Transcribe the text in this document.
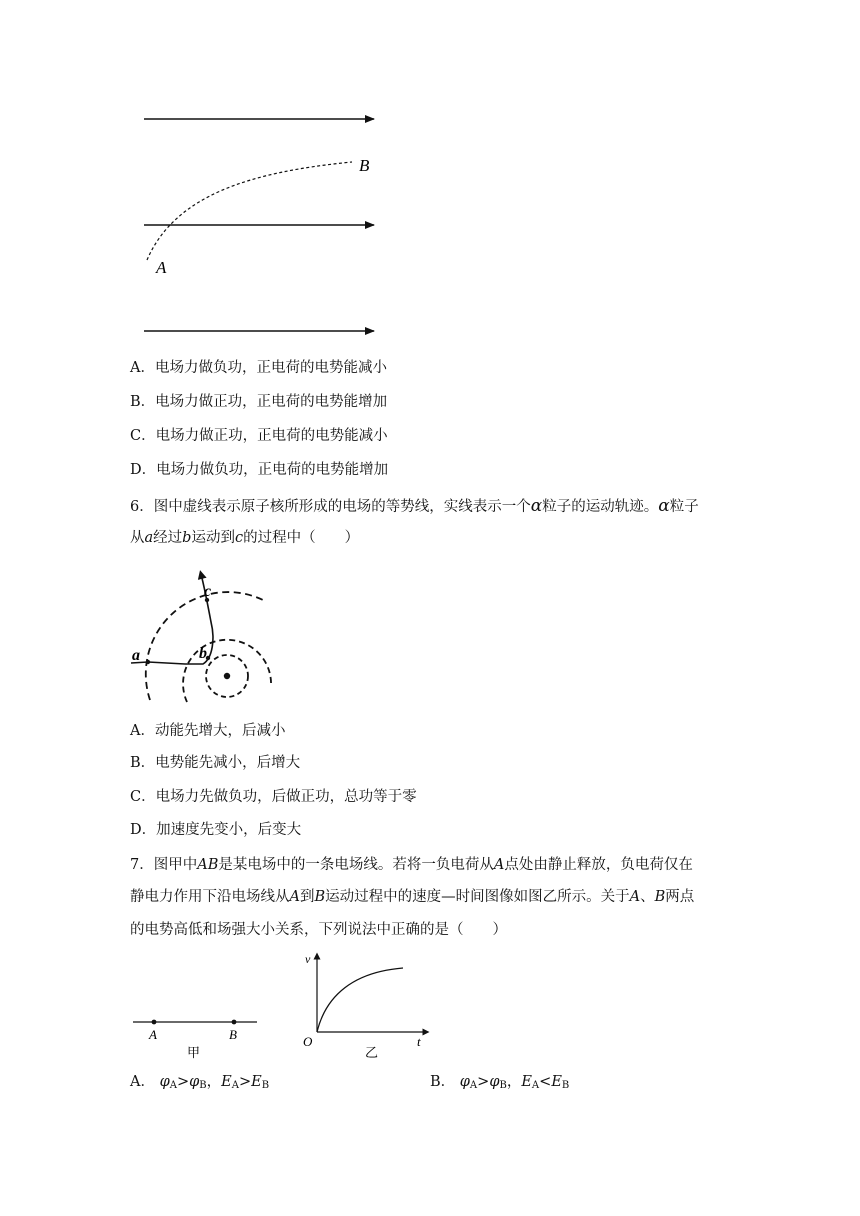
A
B
A．电场力做负功，正电荷的电势能减小
B．电场力做正功，正电荷的电势能增加
C．电场力做正功，正电荷的电势能减小
D．电场力做负功，正电荷的电势能增加
6．图中虚线表示原子核所形成的电场的等势线，实线表示一个α粒子的运动轨迹。α粒子
从a经过b运动到c的过程中（　　）
a	b
c
A．动能先增大，后减小
B．电势能先减小，后增大
C．电场力先做负功，后做正功，总功等于零
D．加速度先变小，后变大
7．图甲中AB是某电场中的一条电场线。若将一负电荷从A点处由静止释放，负电荷仅在
静电力作用下沿电场线从A到B运动过程中的速度—时间图像如图乙所示。关于A、B两点
的电势高低和场强大小关系，下列说法中正确的是（　　）
A	B
甲
v
O	t
乙
A． $\varphi_A>\varphi_B$，$E_A>E_B$	B． $\varphi_A>\varphi_B$，$E_A<E_B$
